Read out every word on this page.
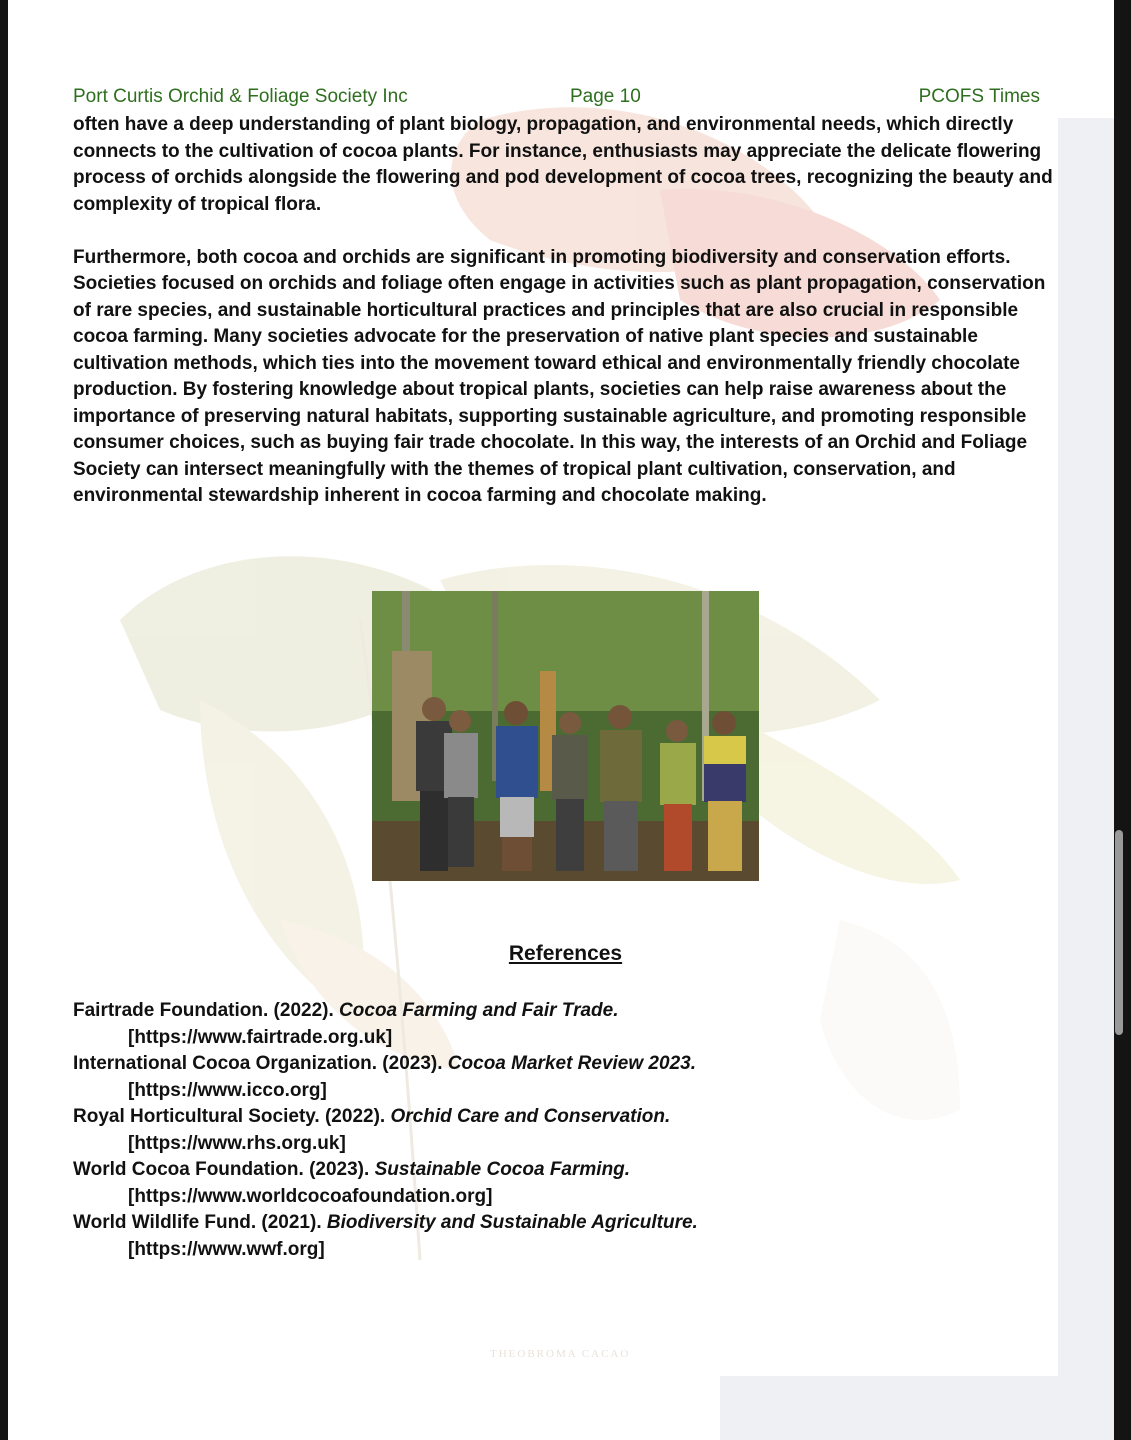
Port Curtis Orchid & Foliage Society Inc	Page 10	PCOFS Times

often have a deep understanding of plant biology, propagation, and environmental needs, which directly connects to the cultivation of cocoa plants. For instance, enthusiasts may appreciate the delicate flowering process of orchids alongside the flowering and pod development of cocoa trees, recognizing the beauty and complexity of tropical flora.

Furthermore, both cocoa and orchids are significant in promoting biodiversity and conservation efforts. Societies focused on orchids and foliage often engage in activities such as plant propagation, conservation of rare species, and sustainable horticultural practices and principles that are also crucial in responsible cocoa farming. Many societies advocate for the preservation of native plant species and sustainable cultivation methods, which ties into the movement toward ethical and environmentally friendly chocolate production. By fostering knowledge about tropical plants, societies can help raise awareness about the importance of preserving natural habitats, supporting sustainable agriculture, and promoting responsible consumer choices, such as buying fair trade chocolate. In this way, the interests of an Orchid and Foliage Society can intersect meaningfully with the themes of tropical plant cultivation, conservation, and environmental stewardship inherent in cocoa farming and chocolate making.

References

Fairtrade Foundation. (2022). Cocoa Farming and Fair Trade.
[https://www.fairtrade.org.uk]

International Cocoa Organization. (2023). Cocoa Market Review 2023.
[https://www.icco.org]

Royal Horticultural Society. (2022). Orchid Care and Conservation.
[https://www.rhs.org.uk]

World Cocoa Foundation. (2023). Sustainable Cocoa Farming.
[https://www.worldcocoafoundation.org]

World Wildlife Fund. (2021). Biodiversity and Sustainable Agriculture.
[https://www.wwf.org]

THEOBROMA CACAO
